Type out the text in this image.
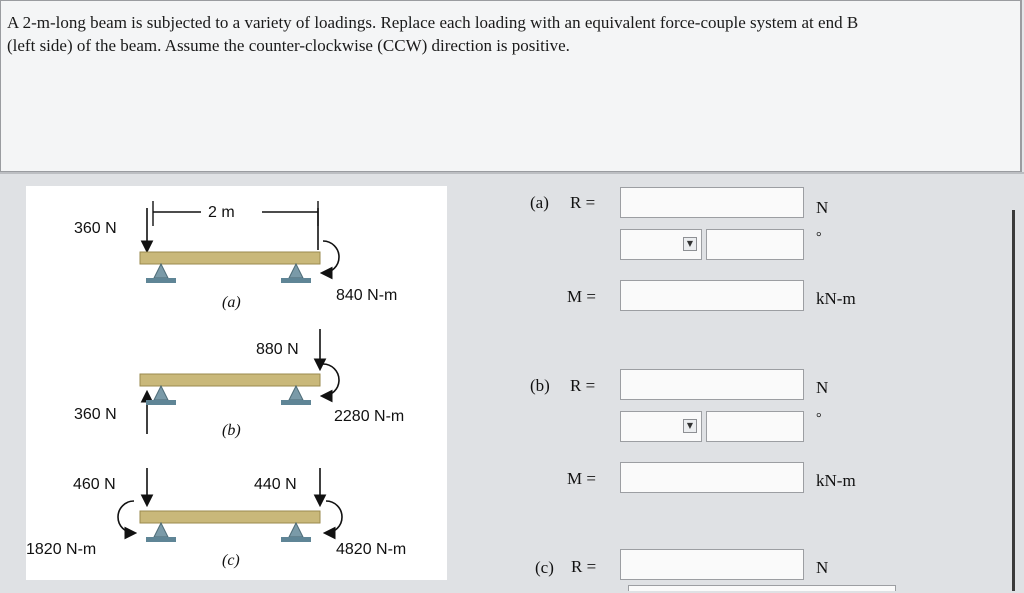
A 2-m-long beam is subjected to a variety of loadings. Replace each loading with an equivalent force-couple system at end B
(left side) of the beam. Assume the counter-clockwise (CCW) direction is positive.

2 m
360 N
840 N-m
(a)
880 N
360 N	2280 N-m
(b)
460 N	440 N
1820 N-m	4820 N-m
(c)
(a) R =	N
▼	°
M =	kN-m
(b) R =	N
▼	°
M =	kN-m
(c) R =	N
